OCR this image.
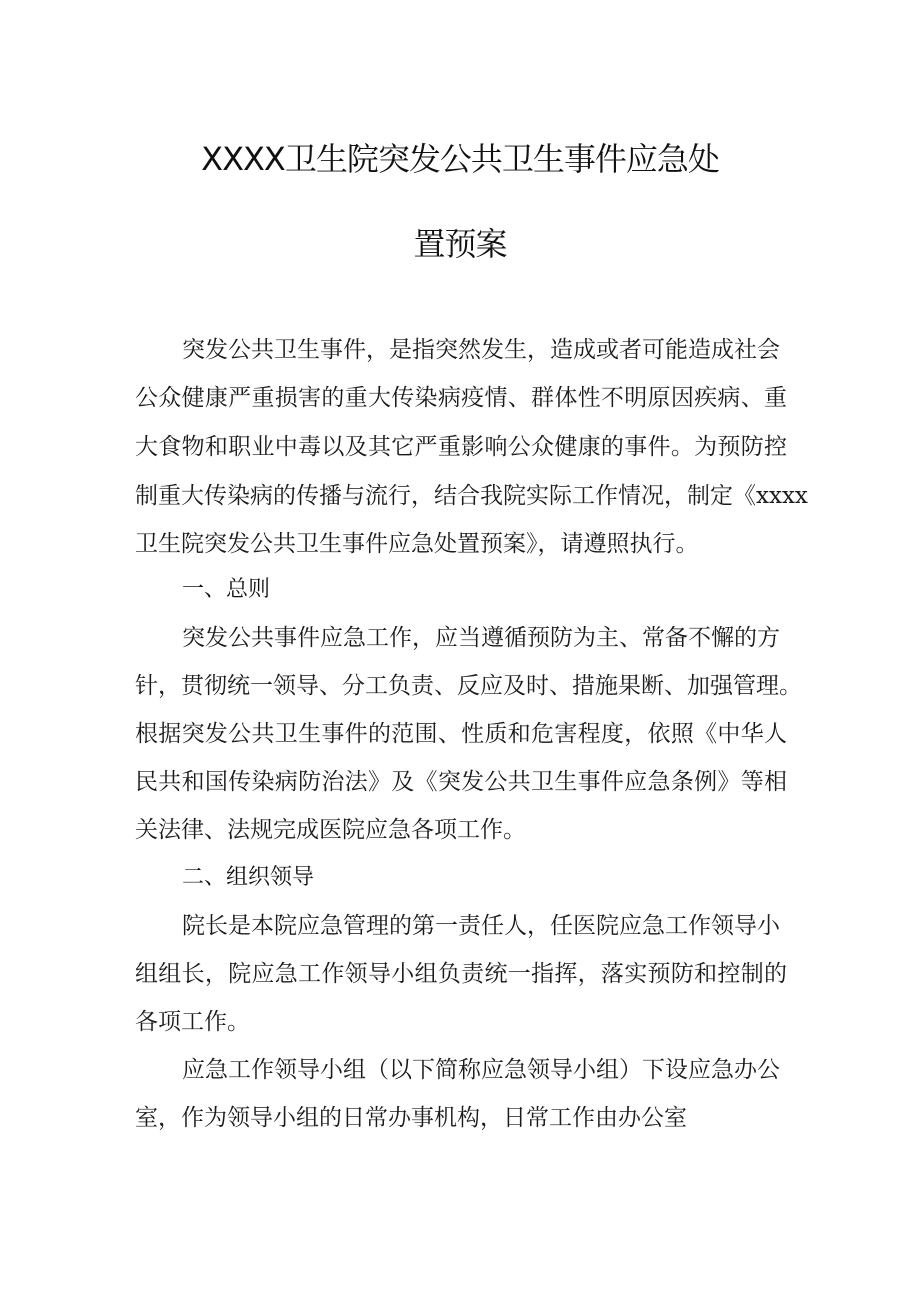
XXXX卫生院突发公共卫生事件应急处
置预案
突发公共卫生事件，是指突然发生，造成或者可能造成社会
公众健康严重损害的重大传染病疫情、群体性不明原因疾病、重
大食物和职业中毒以及其它严重影响公众健康的事件。为预防控
制重大传染病的传播与流行，结合我院实际工作情况，制定《xxxx
卫生院突发公共卫生事件应急处置预案》，请遵照执行。
一、总则
突发公共事件应急工作，应当遵循预防为主、常备不懈的方
针，贯彻统一领导、分工负责、反应及时、措施果断、加强管理。
根据突发公共卫生事件的范围、性质和危害程度，依照《中华人
民共和国传染病防治法》及《突发公共卫生事件应急条例》等相
关法律、法规完成医院应急各项工作。
二、组织领导
院长是本院应急管理的第一责任人，任医院应急工作领导小
组组长，院应急工作领导小组负责统一指挥，落实预防和控制的
各项工作。
应急工作领导小组（以下简称应急领导小组）下设应急办公
室，作为领导小组的日常办事机构，日常工作由办公室
